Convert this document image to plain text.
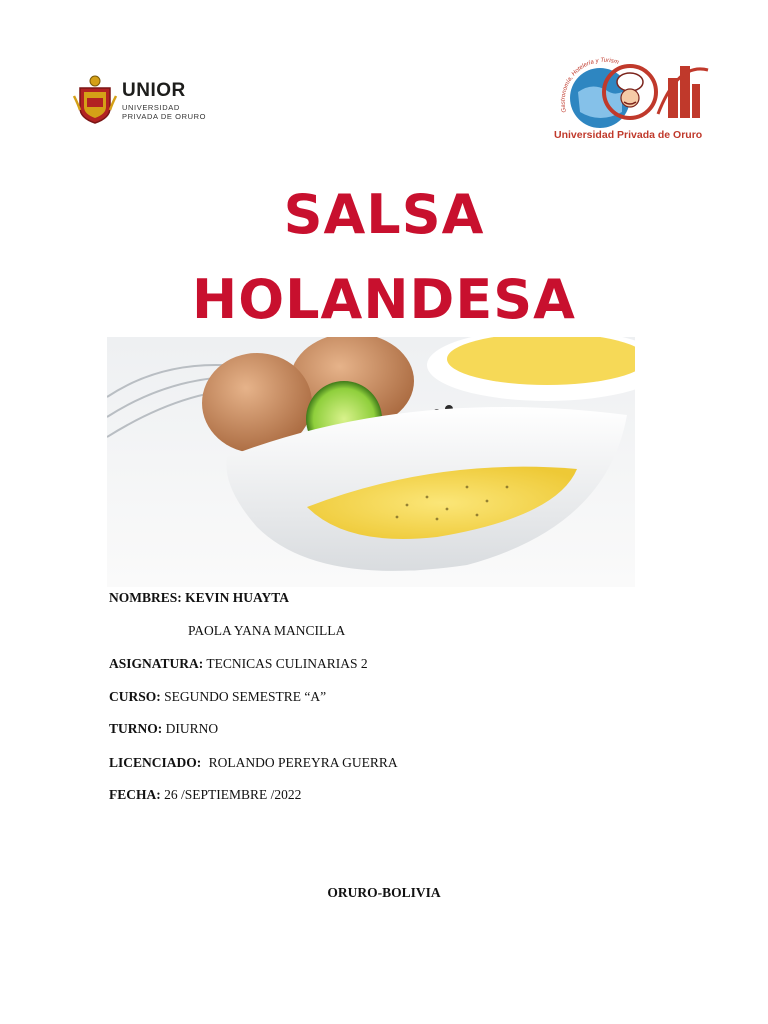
UNIOR
UNIVERSIDAD
PRIVADA DE ORURO
Gastronomía, Hotelería y Turism
Universidad Privada de Oruro
SALSA
HOLANDESA
NOMBRES: KEVIN HUAYTA
PAOLA YANA MANCILLA
ASIGNATURA: TECNICAS CULINARIAS 2
CURSO: SEGUNDO SEMESTRE “A”
TURNO: DIURNO
LICENCIADO: ROLANDO PEREYRA GUERRA
FECHA: 26 /SEPTIEMBRE /2022
ORURO-BOLIVIA
